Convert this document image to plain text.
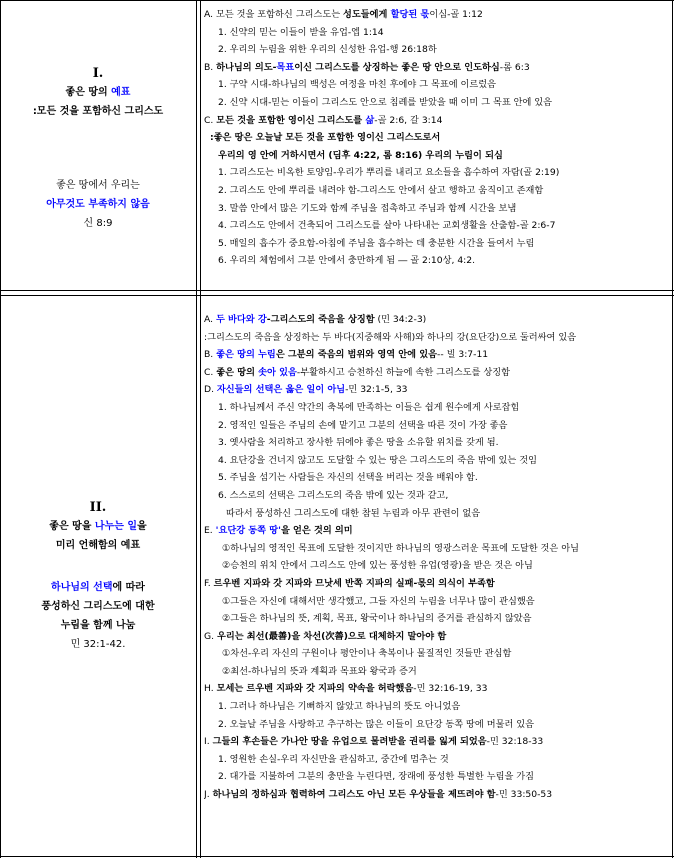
I.
좋은 땅의 예표
:모든 것을 포함하신 그리스도
좋은 땅에서 우리는
아무것도 부족하지 않음
신 8:9
A. 모든 것을 포함하신 그리스도는 성도들에게 할당된 몫이심-골 1:12
1. 신약의 믿는 이들이 받을 유업-엡 1:14
2. 우리의 누림을 위한 우리의 신성한 유업-행 26:18하
B. 하나님의 의도-목표이신 그리스도를 상징하는 좋은 땅 안으로 인도하심-롬 6:3
1. 구약 시대-하나님의 백성은 여정을 마친 후에야 그 목표에 이르렀음
2. 신약 시대-믿는 이들이 그리스도 안으로 침례를 받았을 때 이미 그 목표 안에 있음
C. 모든 것을 포함한 영이신 그리스도를 삶-골 2:6, 갈 3:14
:좋은 땅은 오늘날 모든 것을 포함한 영이신 그리스도로서
우리의 영 안에 거하시면서 (딤후 4:22, 롬 8:16) 우리의 누림이 되심
1. 그리스도는 비옥한 토양임-우리가 뿌리를 내리고 요소들을 흡수하여 자람(골 2:19)
2. 그리스도 안에 뿌리를 내려야 함-그리스도 안에서 살고 행하고 움직이고 존재함
3. 말씀 안에서 많은 기도와 함께 주님을 접촉하고 주님과 함께 시간을 보냄
4. 그리스도 안에서 건축되어 그리스도를 살아 나타내는 교회생활을 산출함-골 2:6-7
5. 매일의 흡수가 중요함-아침에 주님을 흡수하는 데 충분한 시간을 들여서 누림
6. 우리의 체험에서 그분 안에서 충만하게 됨 ― 골 2:10상, 4:2.
II.
좋은 땅을 나누는 일을
미리 언해함의 예표
하나님의 선택에 따라
풍성하신 그리스도에 대한
누림을 함께 나눔
민 32:1-42.
A. 두 바다와 강-그리스도의 죽음을 상징함 (민 34:2-3)
:그리스도의 죽음을 상징하는 두 바다(지중해와 사해)와 하나의 강(요단강)으로 둘러싸여 있음
B. 좋은 땅의 누림은 그분의 죽음의 범위와 영역 안에 있음-- 빌 3:7-11
C. 좋은 땅의 솟아 있음-부활하시고 승천하신 하늘에 속한 그리스도를 상징함
D. 자신들의 선택은 옳은 일이 아님-민 32:1-5, 33
1. 하나님께서 주신 약간의 축복에 만족하는 이들은 쉽게 원수에게 사로잡힘
2. 영적인 일들은 주님의 손에 맡기고 그분의 선택을 따른 것이 가장 좋음
3. 옛사람을 처리하고 장사한 뒤에야 좋은 땅을 소유할 위치를 갖게 됨.
4. 요단강을 건너지 않고도 도달할 수 있는 땅은 그리스도의 죽음 밖에 있는 것임
5. 주님을 섬기는 사람들은 자신의 선택을 버리는 것을 배워야 함.
6. 스스로의 선택은 그리스도의 죽음 밖에 있는 것과 같고,
따라서 풍성하신 그리스도에 대한 참된 누림과 아무 관련이 없음
E. '요단강 동쪽 땅'을 얻은 것의 의미
①하나님의 영적인 목표에 도달한 것이지만 하나님의 영광스러운 목표에 도달한 것은 아님
②승천의 위치 안에서 그리스도 안에 있는 풍성한 유업(영광)을 받은 것은 아님
F. 르우벤 지파와 갓 지파와 므낫세 반쪽 지파의 실패-몫의 의식이 부족함
①그들은 자신에 대해서만 생각했고, 그들 자신의 누림을 너무나 많이 관심했음
②그들은 하나님의 뜻, 계획, 목표, 왕국이나 하나님의 증거를 관심하지 않았음
G. 우리는 최선(最善)을 차선(次善)으로 대체하지 말아야 함
①차선-우리 자신의 구원이나 평안이나 축복이나 물질적인 것들만 관심함
②최선-하나님의 뜻과 계획과 목표와 왕국과 증거
H. 모세는 르우벤 지파와 갓 지파의 약속을 허락했음-민 32:16-19, 33
1. 그러나 하나님은 기뻐하지 않았고 하나님의 뜻도 아니었음
2. 오늘날 주님을 사랑하고 추구하는 많은 이들이 요단강 동쪽 땅에 머물러 있음
I. 그들의 후손들은 가나안 땅을 유업으로 물려받을 권리를 잃게 되었음-민 32:18-33
1. 영원한 손실-우리 자신만을 관심하고, 중간에 멈추는 것
2. 대가를 지불하여 그분의 충만을 누린다면, 장래에 풍성한 특별한 누림을 가짐
J. 하나님의 정하심과 협력하여 그리스도 아닌 모든 우상들을 제뜨려야 함-민 33:50-53
